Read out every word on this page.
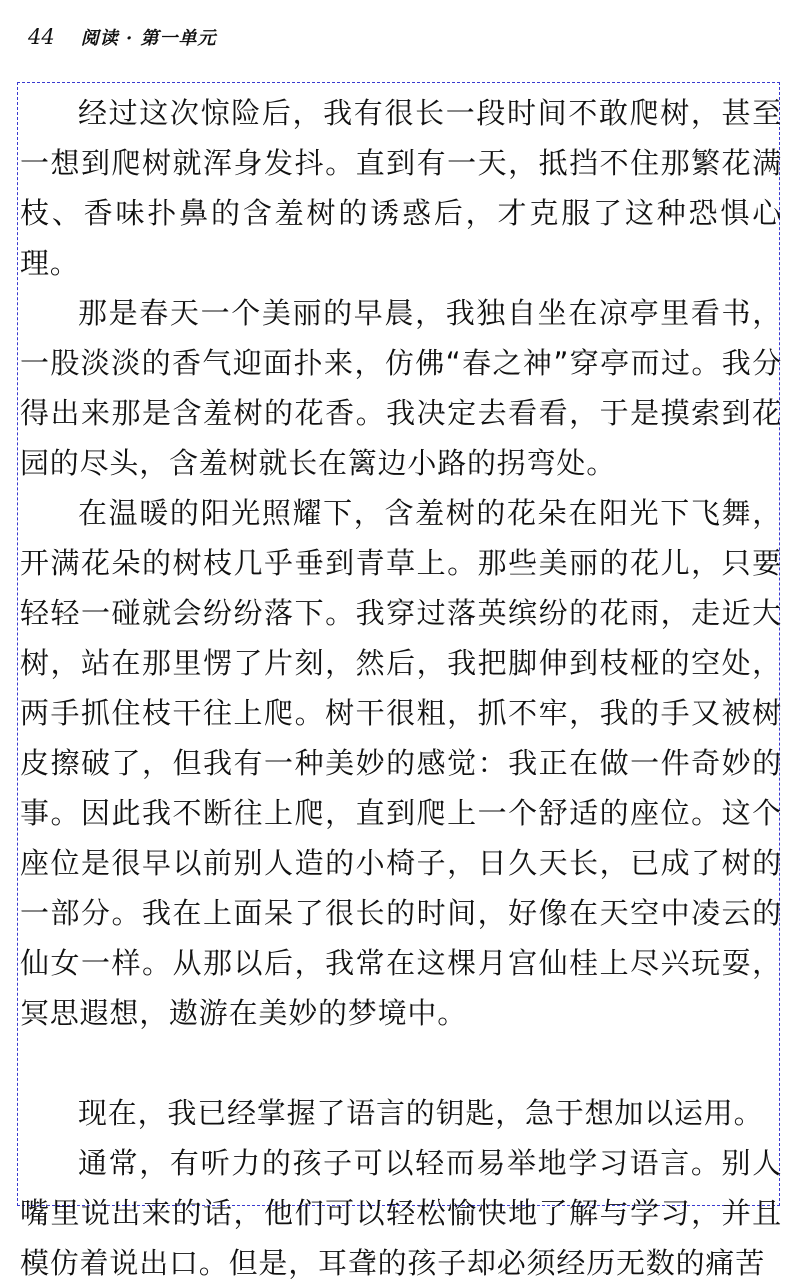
44 阅读 · 第一单元

经过这次惊险后，我有很长一段时间不敢爬树，甚至一想到爬树就浑身发抖。直到有一天，抵挡不住那繁花满枝、香味扑鼻的含羞树的诱惑后，才克服了这种恐惧心理。

那是春天一个美丽的早晨，我独自坐在凉亭里看书，一股淡淡的香气迎面扑来，仿佛“春之神”穿亭而过。我分得出来那是含羞树的花香。我决定去看看，于是摸索到花园的尽头，含羞树就长在篱边小路的拐弯处。

在温暖的阳光照耀下，含羞树的花朵在阳光下飞舞，开满花朵的树枝几乎垂到青草上。那些美丽的花儿，只要轻轻一碰就会纷纷落下。我穿过落英缤纷的花雨，走近大树，站在那里愣了片刻，然后，我把脚伸到枝桠的空处，两手抓住枝干往上爬。树干很粗，抓不牢，我的手又被树皮擦破了，但我有一种美妙的感觉：我正在做一件奇妙的事。因此我不断往上爬，直到爬上一个舒适的座位。这个座位是很早以前别人造的小椅子，日久天长，已成了树的一部分。我在上面呆了很长的时间，好像在天空中凌云的仙女一样。从那以后，我常在这棵月宫仙桂上尽兴玩耍，冥思遐想，遨游在美妙的梦境中。

现在，我已经掌握了语言的钥匙，急于想加以运用。

通常，有听力的孩子可以轻而易举地学习语言。别人嘴里说出来的话，他们可以轻松愉快地了解与学习，并且模仿着说出口。但是，耳聋的孩子却必须经历无数的痛苦
